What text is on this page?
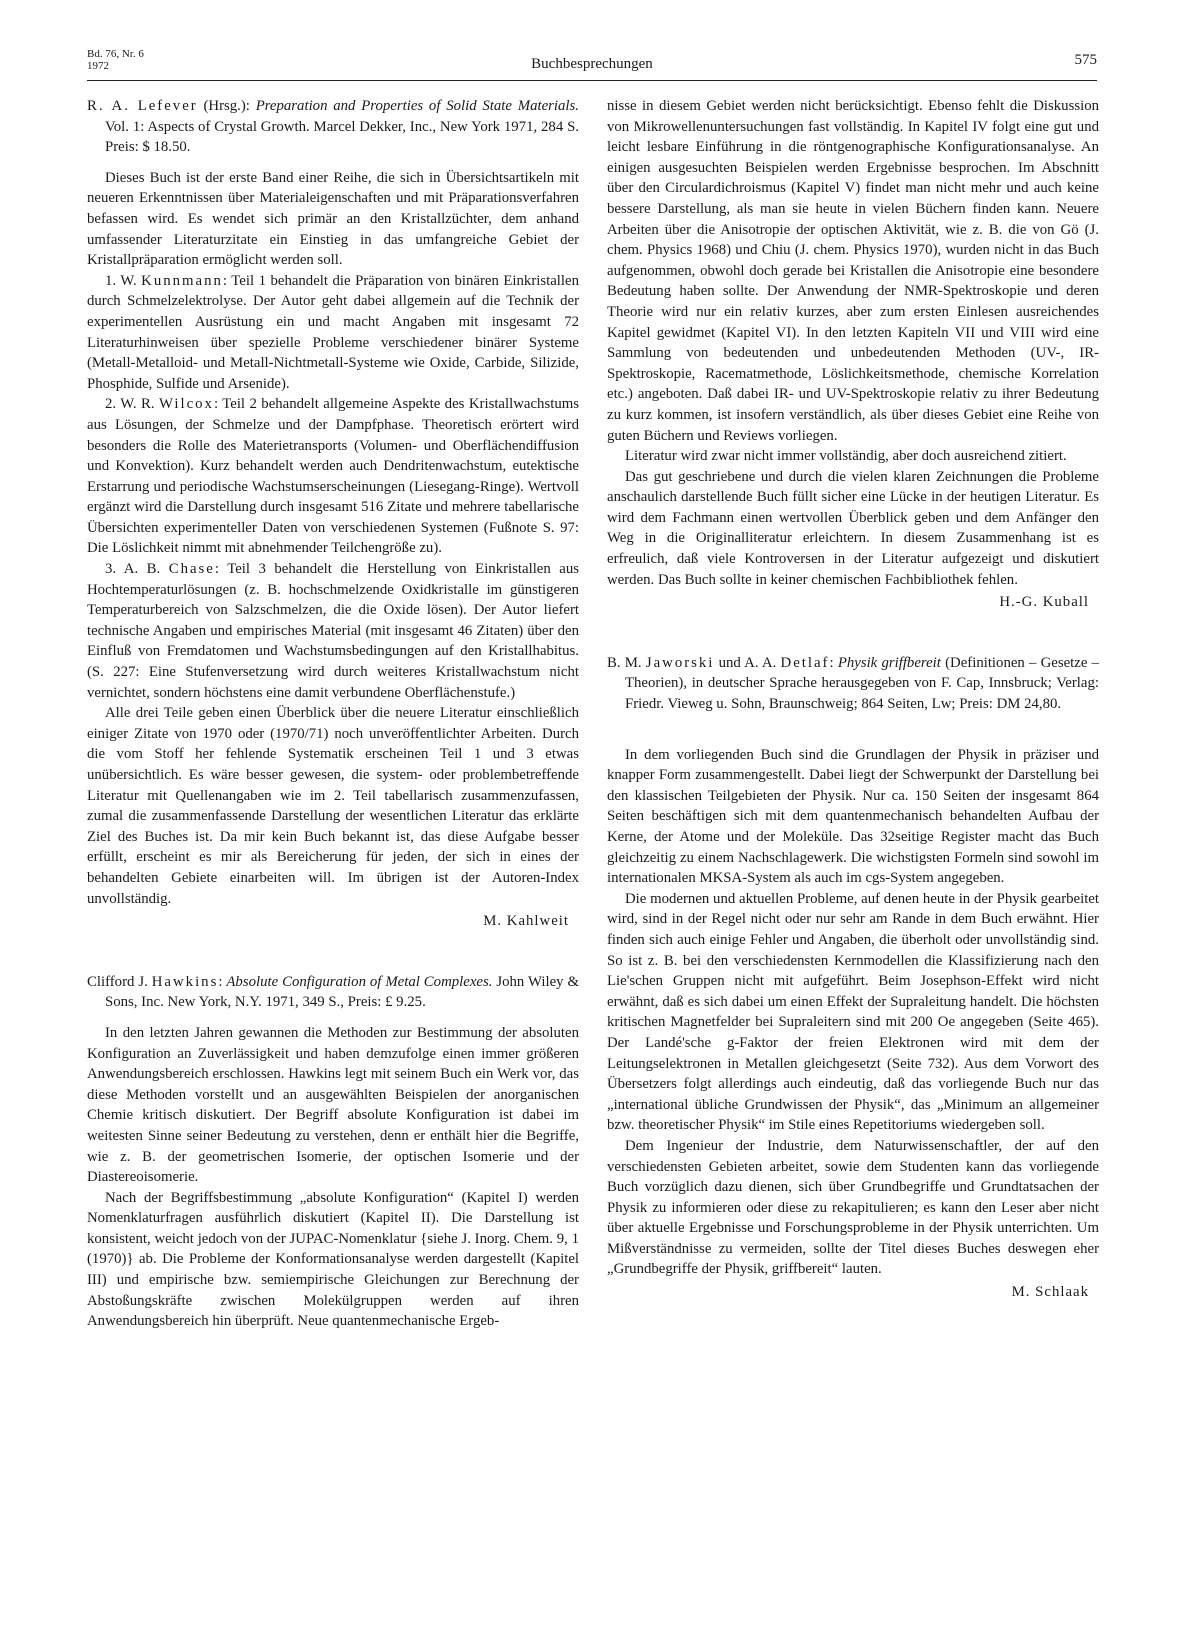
Bd. 76, Nr. 6
1972	Buchbesprechungen	575
R. A. Lefever (Hrsg.): Preparation and Properties of Solid State Materials. Vol. 1: Aspects of Crystal Growth. Marcel Dekker, Inc., New York 1971, 284 S. Preis: $ 18.50.

Dieses Buch ist der erste Band einer Reihe, die sich in Übersichtsartikeln mit neueren Erkenntnissen über Materialeigenschaften und mit Präparationsverfahren befassen wird. Es wendet sich primär an den Kristallzüchter, dem anhand umfassender Literaturzitate ein Einstieg in das umfangreiche Gebiet der Kristallpräparation ermöglicht werden soll.

1. W. Kunnmann: Teil 1 behandelt die Präparation von binären Einkristallen durch Schmelzelektrolyse. Der Autor geht dabei allgemein auf die Technik der experimentellen Ausrüstung ein und macht Angaben mit insgesamt 72 Literaturhinweisen über spezielle Probleme verschiedener binärer Systeme (Metall-Metalloid- und Metall-Nichtmetall-Systeme wie Oxide, Carbide, Silizide, Phosphide, Sulfide und Arsenide).

2. W. R. Wilcox: Teil 2 behandelt allgemeine Aspekte des Kristallwachstums aus Lösungen, der Schmelze und der Dampfphase. Theoretisch erörtert wird besonders die Rolle des Materietransports (Volumen- und Oberflächendiffusion und Konvektion). Kurz behandelt werden auch Dendritenwachstum, eutektische Erstarrung und periodische Wachstumserscheinungen (Liesegang-Ringe). Wertvoll ergänzt wird die Darstellung durch insgesamt 516 Zitate und mehrere tabellarische Übersichten experimenteller Daten von verschiedenen Systemen (Fußnote S. 97: Die Löslichkeit nimmt mit abnehmender Teilchengröße zu).

3. A. B. Chase: Teil 3 behandelt die Herstellung von Einkristallen aus Hochtemperaturlösungen (z. B. hochschmelzende Oxidkristalle im günstigeren Temperaturbereich von Salzschmelzen, die die Oxide lösen). Der Autor liefert technische Angaben und empirisches Material (mit insgesamt 46 Zitaten) über den Einfluß von Fremdatomen und Wachstumsbedingungen auf den Kristallhabitus. (S. 227: Eine Stufenversetzung wird durch weiteres Kristallwachstum nicht vernichtet, sondern höchstens eine damit verbundene Oberflächenstufe.)

Alle drei Teile geben einen Überblick über die neuere Literatur einschließlich einiger Zitate von 1970 oder (1970/71) noch unveröffentlichter Arbeiten. Durch die vom Stoff her fehlende Systematik erscheinen Teil 1 und 3 etwas unübersichtlich. Es wäre besser gewesen, die system- oder problembetreffende Literatur mit Quellenangaben wie im 2. Teil tabellarisch zusammenzufassen, zumal die zusammenfassende Darstellung der wesentlichen Literatur das erklärte Ziel des Buches ist. Da mir kein Buch bekannt ist, das diese Aufgabe besser erfüllt, erscheint es mir als Bereicherung für jeden, der sich in eines der behandelten Gebiete einarbeiten will. Im übrigen ist der Autoren-Index unvollständig.

M. Kahlweit
Clifford J. Hawkins: Absolute Configuration of Metal Complexes. John Wiley & Sons, Inc. New York, N.Y. 1971, 349 S., Preis: £ 9.25.

In den letzten Jahren gewannen die Methoden zur Bestimmung der absoluten Konfiguration an Zuverlässigkeit und haben demzufolge einen immer größeren Anwendungsbereich erschlossen. Hawkins legt mit seinem Buch ein Werk vor, das diese Methoden vorstellt und an ausgewählten Beispielen der anorganischen Chemie kritisch diskutiert. Der Begriff absolute Konfiguration ist dabei im weitesten Sinne seiner Bedeutung zu verstehen, denn er enthält hier die Begriffe, wie z. B. der geometrischen Isomerie, der optischen Isomerie und der Diastereoisomerie.

Nach der Begriffsbestimmung „absolute Konfiguration“ (Kapitel I) werden Nomenklaturfragen ausführlich diskutiert (Kapitel II). Die Darstellung ist konsistent, weicht jedoch von der JUPAC-Nomenklatur {siehe J. Inorg. Chem. 9, 1 (1970)} ab. Die Probleme der Konformationsanalyse werden dargestellt (Kapitel III) und empirische bzw. semiempirische Gleichungen zur Berechnung der Abstoßungskräfte zwischen Molekülgruppen werden auf ihren Anwendungsbereich hin überprüft. Neue quantenmechanische Ergeb-

nisse in diesem Gebiet werden nicht berücksichtigt. Ebenso fehlt die Diskussion von Mikrowellenuntersuchungen fast vollständig. In Kapitel IV folgt eine gut und leicht lesbare Einführung in die röntgenographische Konfigurationsanalyse. An einigen ausgesuchten Beispielen werden Ergebnisse besprochen. Im Abschnitt über den Circulardichroismus (Kapitel V) findet man nicht mehr und auch keine bessere Darstellung, als man sie heute in vielen Büchern finden kann. Neuere Arbeiten über die Anisotropie der optischen Aktivität, wie z. B. die von Gö (J. chem. Physics 1968) und Chiu (J. chem. Physics 1970), wurden nicht in das Buch aufgenommen, obwohl doch gerade bei Kristallen die Anisotropie eine besondere Bedeutung haben sollte. Der Anwendung der NMR-Spektroskopie und deren Theorie wird nur ein relativ kurzes, aber zum ersten Einlesen ausreichendes Kapitel gewidmet (Kapitel VI). In den letzten Kapiteln VII und VIII wird eine Sammlung von bedeutenden und unbedeutenden Methoden (UV-, IR-Spektroskopie, Racematmethode, Löslichkeitsmethode, chemische Korrelation etc.) angeboten. Daß dabei IR- und UV-Spektroskopie relativ zu ihrer Bedeutung zu kurz kommen, ist insofern verständlich, als über dieses Gebiet eine Reihe von guten Büchern und Reviews vorliegen.

Literatur wird zwar nicht immer vollständig, aber doch ausreichend zitiert.

Das gut geschriebene und durch die vielen klaren Zeichnungen die Probleme anschaulich darstellende Buch füllt sicher eine Lücke in der heutigen Literatur. Es wird dem Fachmann einen wertvollen Überblick geben und dem Anfänger den Weg in die Originalliteratur erleichtern. In diesem Zusammenhang ist es erfreulich, daß viele Kontroversen in der Literatur aufgezeigt und diskutiert werden. Das Buch sollte in keiner chemischen Fachbibliothek fehlen.

H.-G. Kuball
B. M. Jaworski und A. A. Detlaf: Physik griffbereit (Definitionen – Gesetze – Theorien), in deutscher Sprache herausgegeben von F. Cap, Innsbruck; Verlag: Friedr. Vieweg u. Sohn, Braunschweig; 864 Seiten, Lw; Preis: DM 24,80.

In dem vorliegenden Buch sind die Grundlagen der Physik in präziser und knapper Form zusammengestellt. Dabei liegt der Schwerpunkt der Darstellung bei den klassischen Teilgebieten der Physik. Nur ca. 150 Seiten der insgesamt 864 Seiten beschäftigen sich mit dem quantenmechanisch behandelten Aufbau der Kerne, der Atome und der Moleküle. Das 32seitige Register macht das Buch gleichzeitig zu einem Nachschlagewerk. Die wichstigsten Formeln sind sowohl im internationalen MKSA-System als auch im cgs-System angegeben.

Die modernen und aktuellen Probleme, auf denen heute in der Physik gearbeitet wird, sind in der Regel nicht oder nur sehr am Rande in dem Buch erwähnt. Hier finden sich auch einige Fehler und Angaben, die überholt oder unvollständig sind. So ist z. B. bei den verschiedensten Kernmodellen die Klassifizierung nach den Lie'schen Gruppen nicht mit aufgeführt. Beim Josephson-Effekt wird nicht erwähnt, daß es sich dabei um einen Effekt der Supraleitung handelt. Die höchsten kritischen Magnetfelder bei Supraleitern sind mit 200 Oe angegeben (Seite 465). Der Landé'sche g-Faktor der freien Elektronen wird mit dem der Leitungselektronen in Metallen gleichgesetzt (Seite 732). Aus dem Vorwort des Übersetzers folgt allerdings auch eindeutig, daß das vorliegende Buch nur das „international übliche Grundwissen der Physik“, das „Minimum an allgemeiner bzw. theoretischer Physik“ im Stile eines Repetitoriums wiedergeben soll.

Dem Ingenieur der Industrie, dem Naturwissenschaftler, der auf den verschiedensten Gebieten arbeitet, sowie dem Studenten kann das vorliegende Buch vorzüglich dazu dienen, sich über Grundbegriffe und Grundtatsachen der Physik zu informieren oder diese zu rekapitulieren; es kann den Leser aber nicht über aktuelle Ergebnisse und Forschungsprobleme in der Physik unterrichten. Um Mißverständnisse zu vermeiden, sollte der Titel dieses Buches deswegen eher „Grundbegriffe der Physik, griffbereit“ lauten.

M. Schlaak
